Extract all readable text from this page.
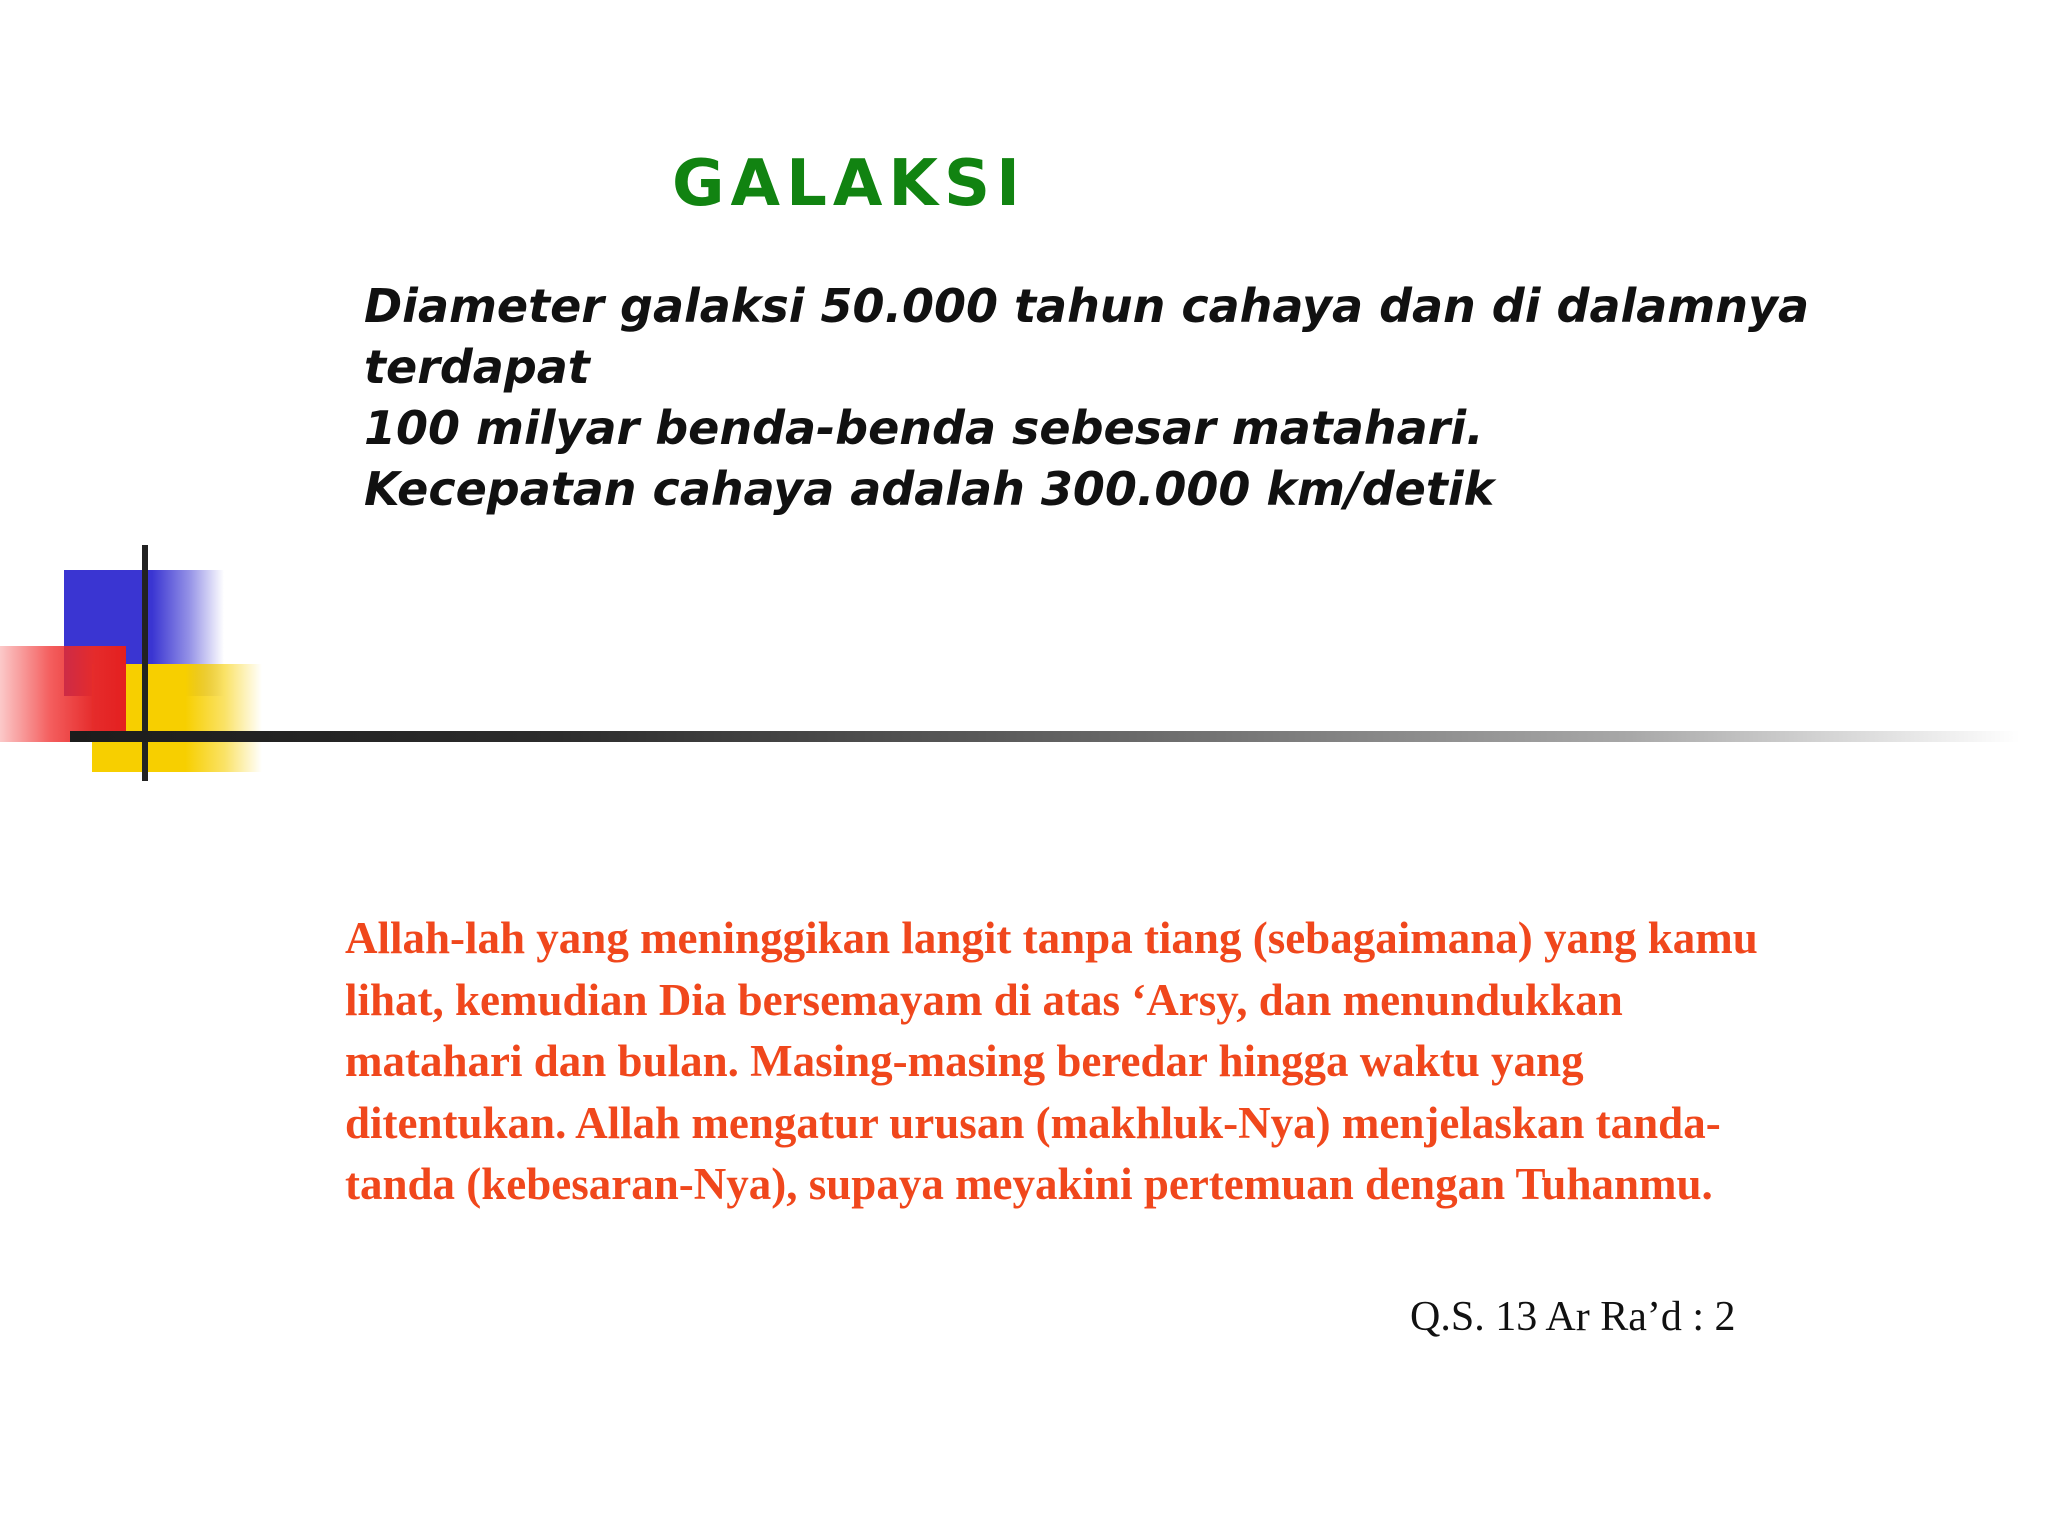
GALAKSI
Diameter galaksi 50.000 tahun cahaya dan di dalamnya
terdapat
100 milyar benda-benda sebesar matahari.
Kecepatan cahaya adalah 300.000 km/detik
Allah-lah yang meninggikan langit tanpa tiang (sebagaimana) yang kamu
lihat, kemudian Dia bersemayam di atas ‘Arsy, dan menundukkan
matahari dan bulan. Masing-masing beredar hingga waktu yang
ditentukan. Allah mengatur urusan (makhluk-Nya) menjelaskan tanda-
tanda (kebesaran-Nya), supaya meyakini pertemuan dengan Tuhanmu.
Q.S. 13 Ar Ra’d : 2
